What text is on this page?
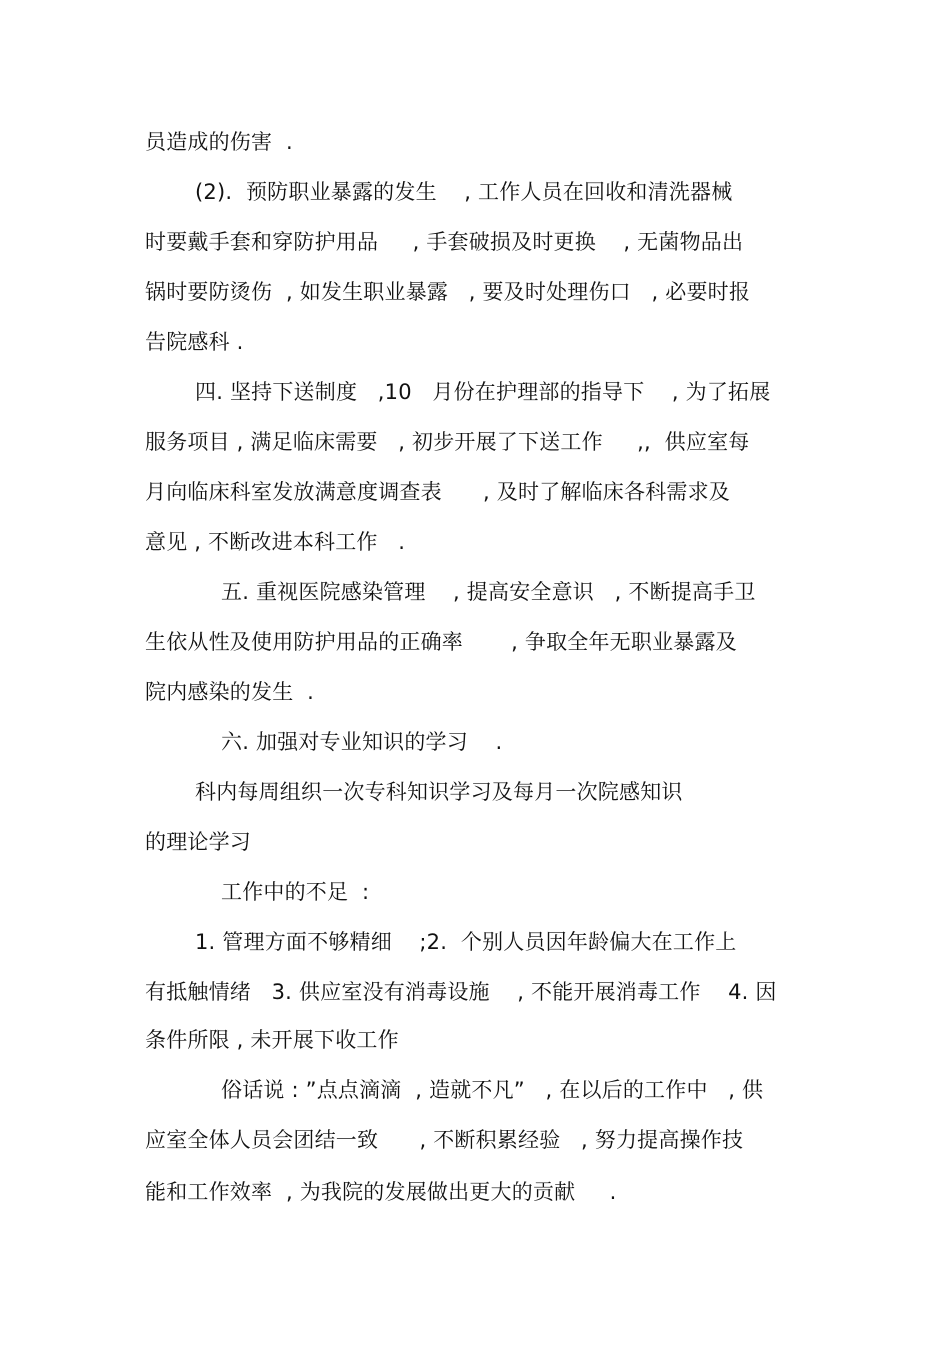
员造成的伤害  .
(2).  预防职业暴露的发生    , 工作人员在回收和清洗器械
时要戴手套和穿防护用品     , 手套破损及时更换    , 无菌物品出
锅时要防烫伤  , 如发生职业暴露   , 要及时处理伤口   , 必要时报
告院感科 .
四. 坚持下送制度   ,10   月份在护理部的指导下    , 为了拓展
服务项目 , 满足临床需要   , 初步开展了下送工作     ,,  供应室每
月向临床科室发放满意度调查表      , 及时了解临床各科需求及
意见 , 不断改进本科工作   .
五. 重视医院感染管理    , 提高安全意识   , 不断提高手卫
生依从性及使用防护用品的正确率       , 争取全年无职业暴露及
院内感染的发生  .
六. 加强对专业知识的学习    .
科内每周组织一次专科知识学习及每月一次院感知识
的理论学习
工作中的不足  :
1. 管理方面不够精细    ;2.  个别人员因年龄偏大在工作上
有抵触情绪   3. 供应室没有消毒设施    , 不能开展消毒工作    4. 因
条件所限 , 未开展下收工作
俗话说 : ”点点滴滴  , 造就不凡”   , 在以后的工作中   , 供
应室全体人员会团结一致      , 不断积累经验   , 努力提高操作技
能和工作效率  , 为我院的发展做出更大的贡献     .
